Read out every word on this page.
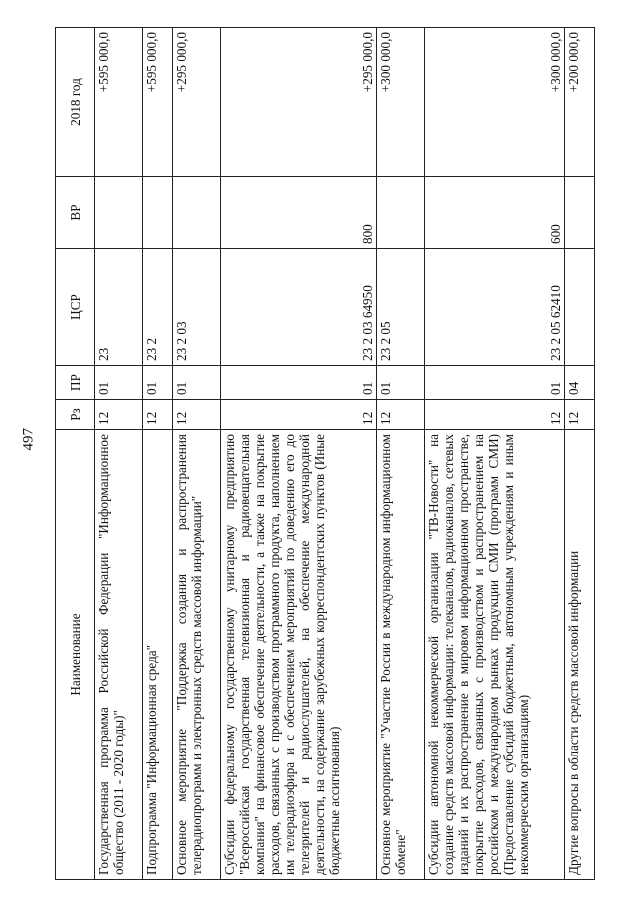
497
Наименование	Рз	ПР	ЦСР	ВР	2018 год
Государственная программа Российской Федерации "Информационное общество (2011 - 2020 годы)"	12	01	23		+595 000,0
Подпрограмма "Информационная среда"	12	01	23 2		+595 000,0
Основное мероприятие "Поддержка создания и распространения телерадиопрограмм и электронных средств массовой информации"	12	01	23 2 03		+295 000,0
Субсидии федеральному государственному унитарному предприятию "Всероссийская государственная телевизионная и радиовещательная компания" на финансовое обеспечение деятельности, а также на покрытие расходов, связанных с производством программного продукта, наполнением им телерадиоэфира и с обеспечением мероприятий по доведению его до телезрителей и радиослушателей, на обеспечение международной деятельности, на содержание зарубежных корреспондентских пунктов (Иные бюджетные ассигнования)	12	01	23 2 03 64950	800	+295 000,0
Основное мероприятие "Участие России в международном информационном обмене"	12	01	23 2 05		+300 000,0
Субсидии автономной некоммерческой организации "ТВ-Новости" на создание средств массовой информации: телеканалов, радиоканалов, сетевых изданий и их распространение в мировом информационном пространстве, покрытие расходов, связанных с производством и распространением на российском и международном рынках продукции СМИ (программ СМИ) (Предоставление субсидий бюджетным, автономным учреждениям и иным некоммерческим организациям)	12	01	23 2 05 62410	600	+300 000,0
Другие вопросы в области средств массовой информации	12	04			+200 000,0
